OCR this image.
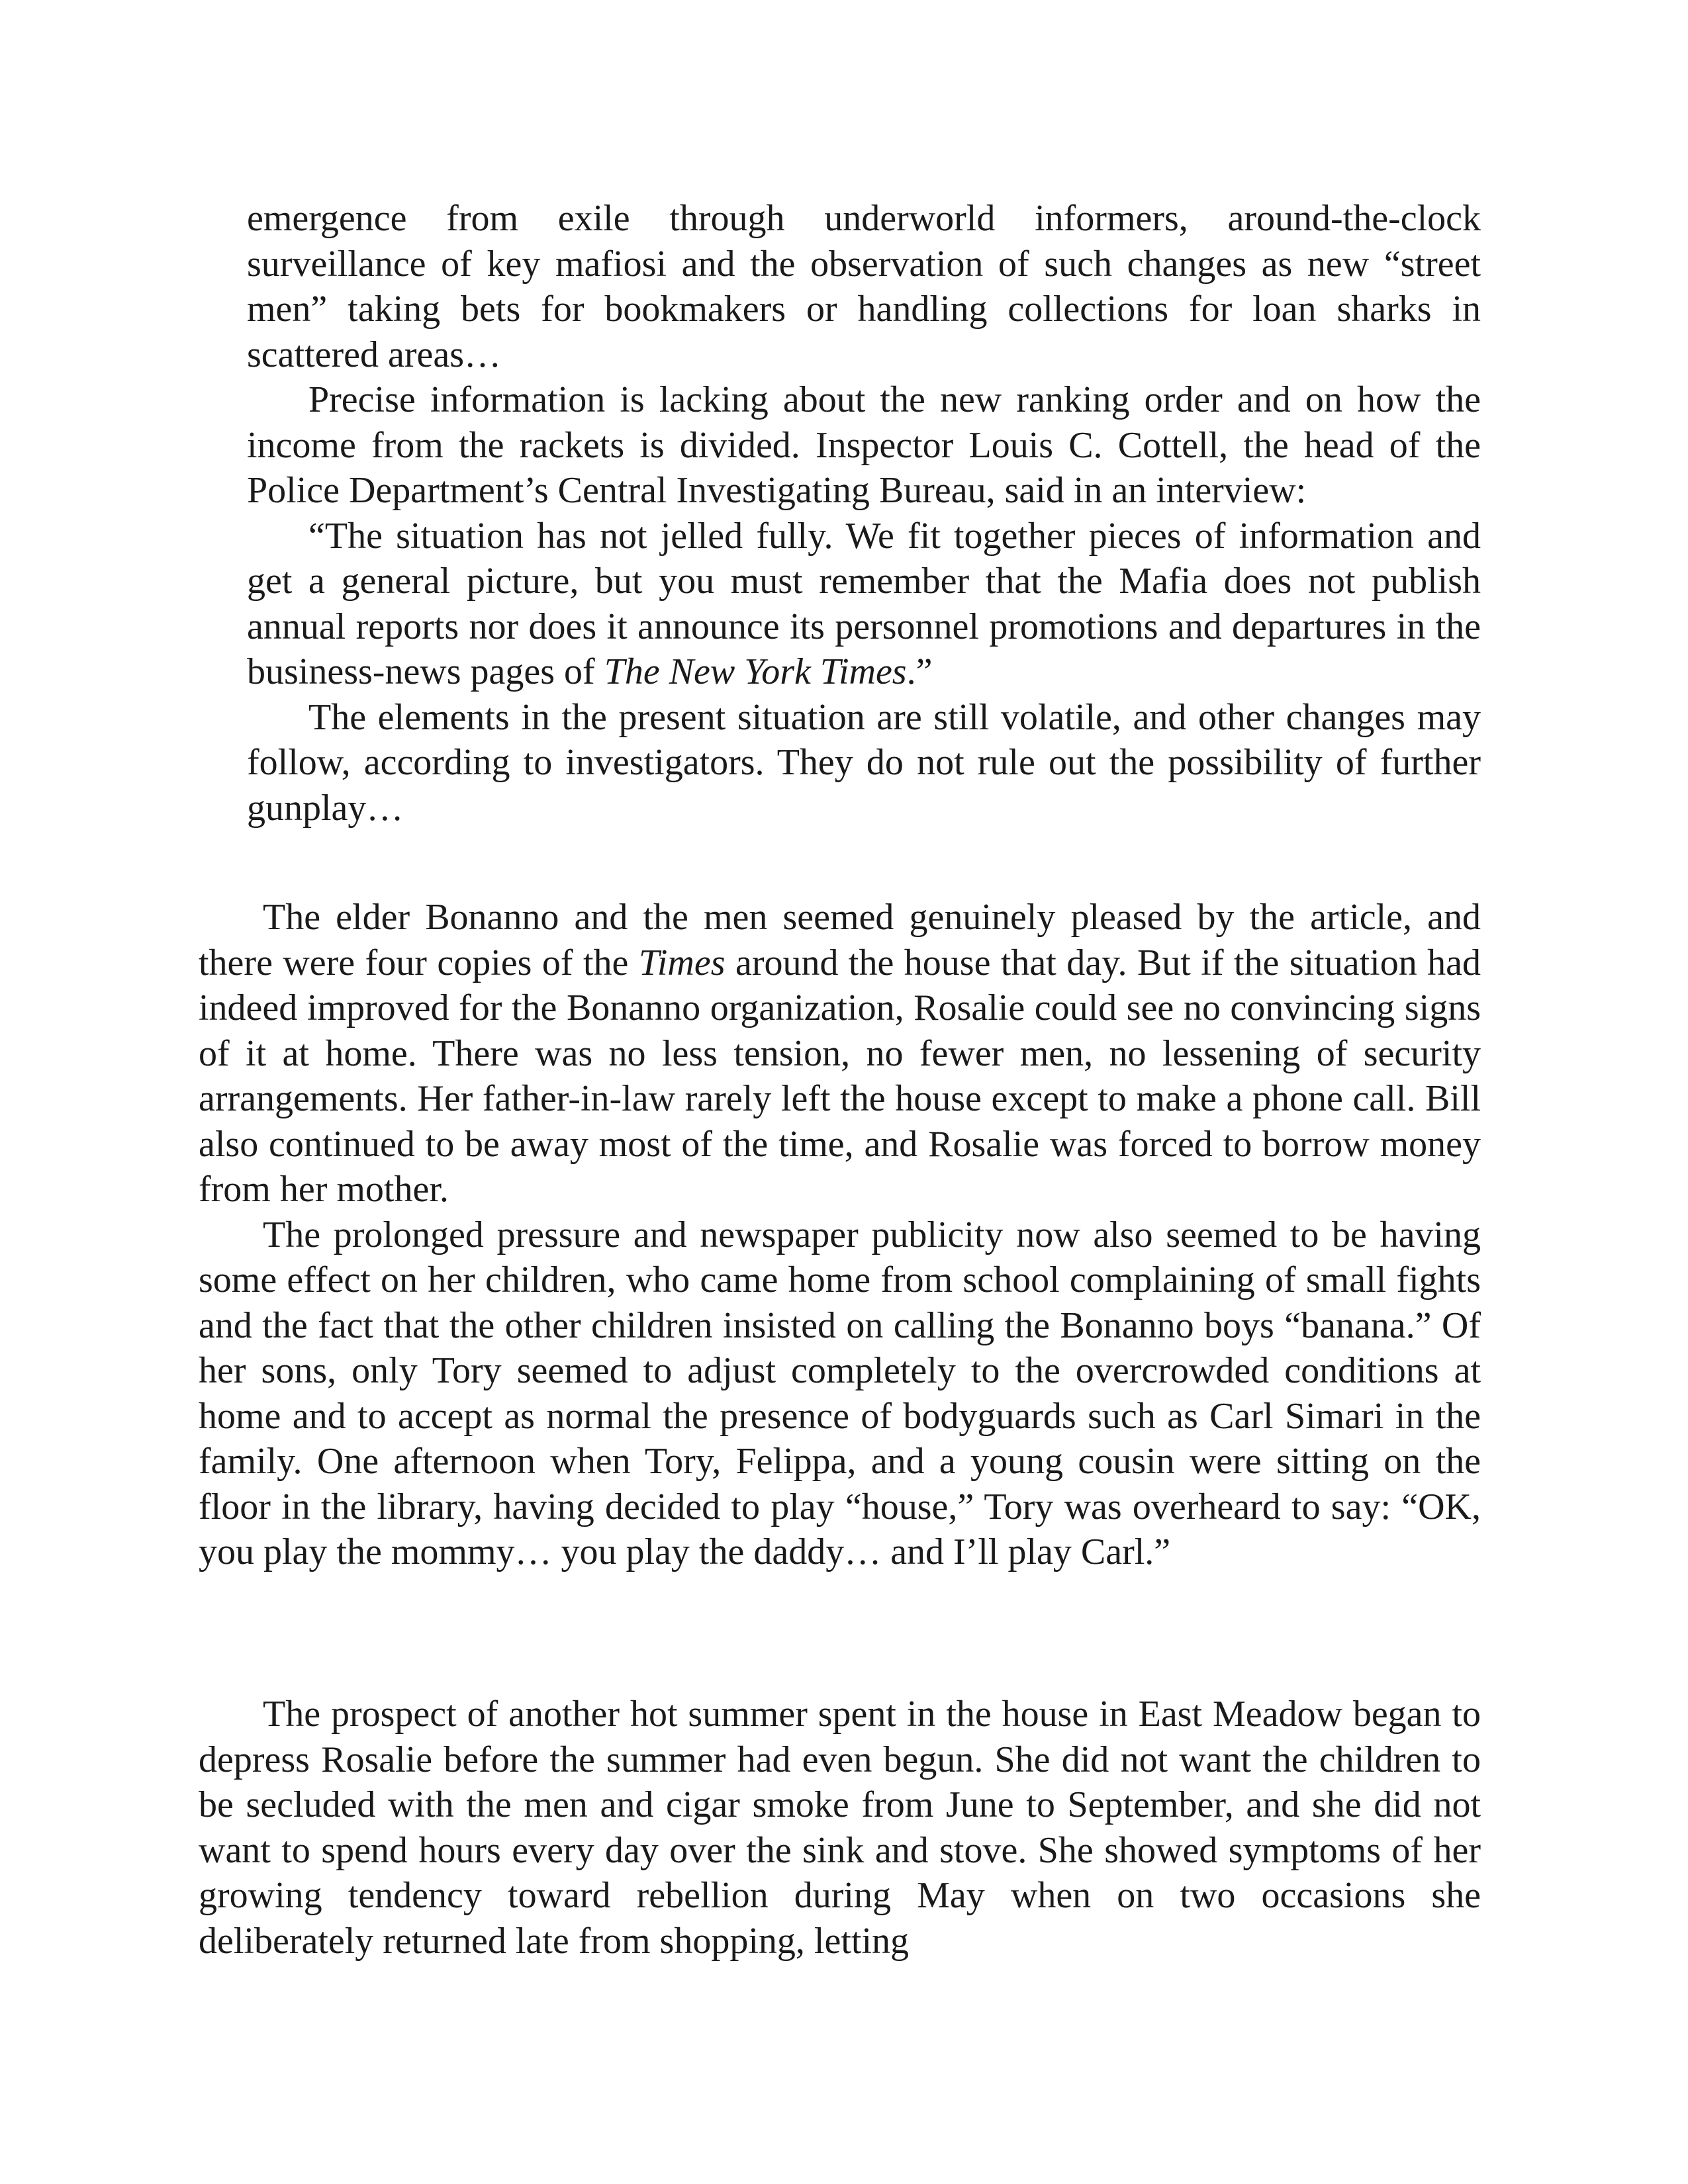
emergence from exile through underworld informers, around-the-clock surveillance of key mafiosi and the observation of such changes as new “street men” taking bets for bookmakers or handling collections for loan sharks in scattered areas…

Precise information is lacking about the new ranking order and on how the income from the rackets is divided. Inspector Louis C. Cottell, the head of the Police Department’s Central Investigating Bureau, said in an interview:

“The situation has not jelled fully. We fit together pieces of information and get a general picture, but you must remember that the Mafia does not publish annual reports nor does it announce its personnel promotions and departures in the business-news pages of The New York Times.”

The elements in the present situation are still volatile, and other changes may follow, according to investigators. They do not rule out the possibility of further gunplay…

The elder Bonanno and the men seemed genuinely pleased by the article, and there were four copies of the Times around the house that day. But if the situation had indeed improved for the Bonanno organization, Rosalie could see no convincing signs of it at home. There was no less tension, no fewer men, no lessening of security arrangements. Her father-in-law rarely left the house except to make a phone call. Bill also continued to be away most of the time, and Rosalie was forced to borrow money from her mother.

The prolonged pressure and newspaper publicity now also seemed to be having some effect on her children, who came home from school complaining of small fights and the fact that the other children insisted on calling the Bonanno boys “banana.” Of her sons, only Tory seemed to adjust completely to the overcrowded conditions at home and to accept as normal the presence of bodyguards such as Carl Simari in the family. One afternoon when Tory, Felippa, and a young cousin were sitting on the floor in the library, having decided to play “house,” Tory was overheard to say: “OK, you play the mommy… you play the daddy… and I’ll play Carl.”

The prospect of another hot summer spent in the house in East Meadow began to depress Rosalie before the summer had even begun. She did not want the children to be secluded with the men and cigar smoke from June to September, and she did not want to spend hours every day over the sink and stove. She showed symptoms of her growing tendency toward rebellion during May when on two occasions she deliberately returned late from shopping, letting
